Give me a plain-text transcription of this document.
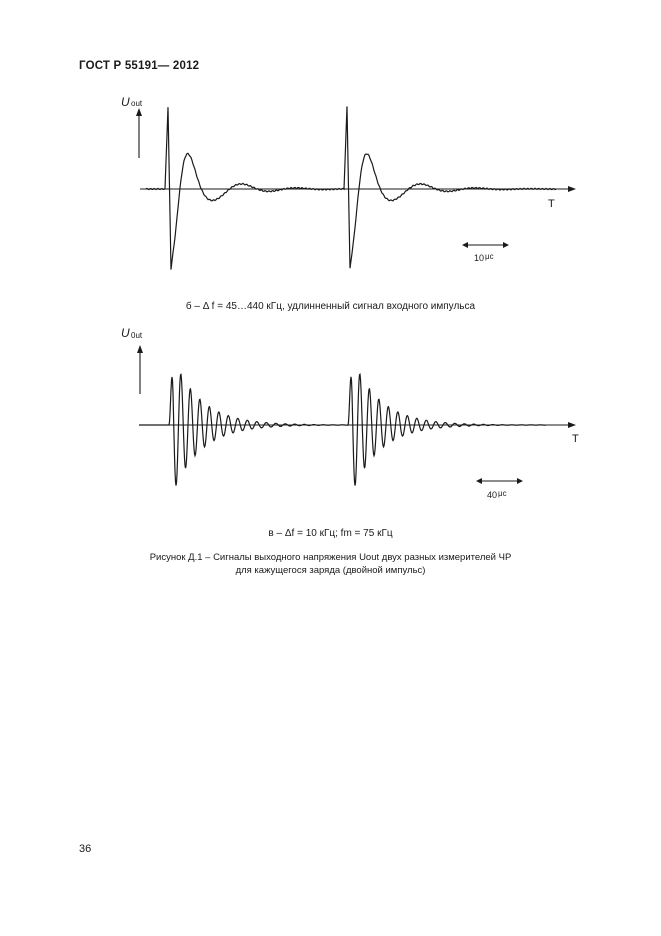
ГОСТ Р 55191— 2012
U out
T
10 μс
б – Δ f = 45…440 кГц, удлинненный сигнал входного импульса
U 0ut
T
40 μс
в – Δf = 10 кГц; fm = 75 кГц
Рисунок Д.1 – Сигналы выходного напряжения Uout двух разных измерителей ЧР
для кажущегося заряда (двойной импульс)
36
